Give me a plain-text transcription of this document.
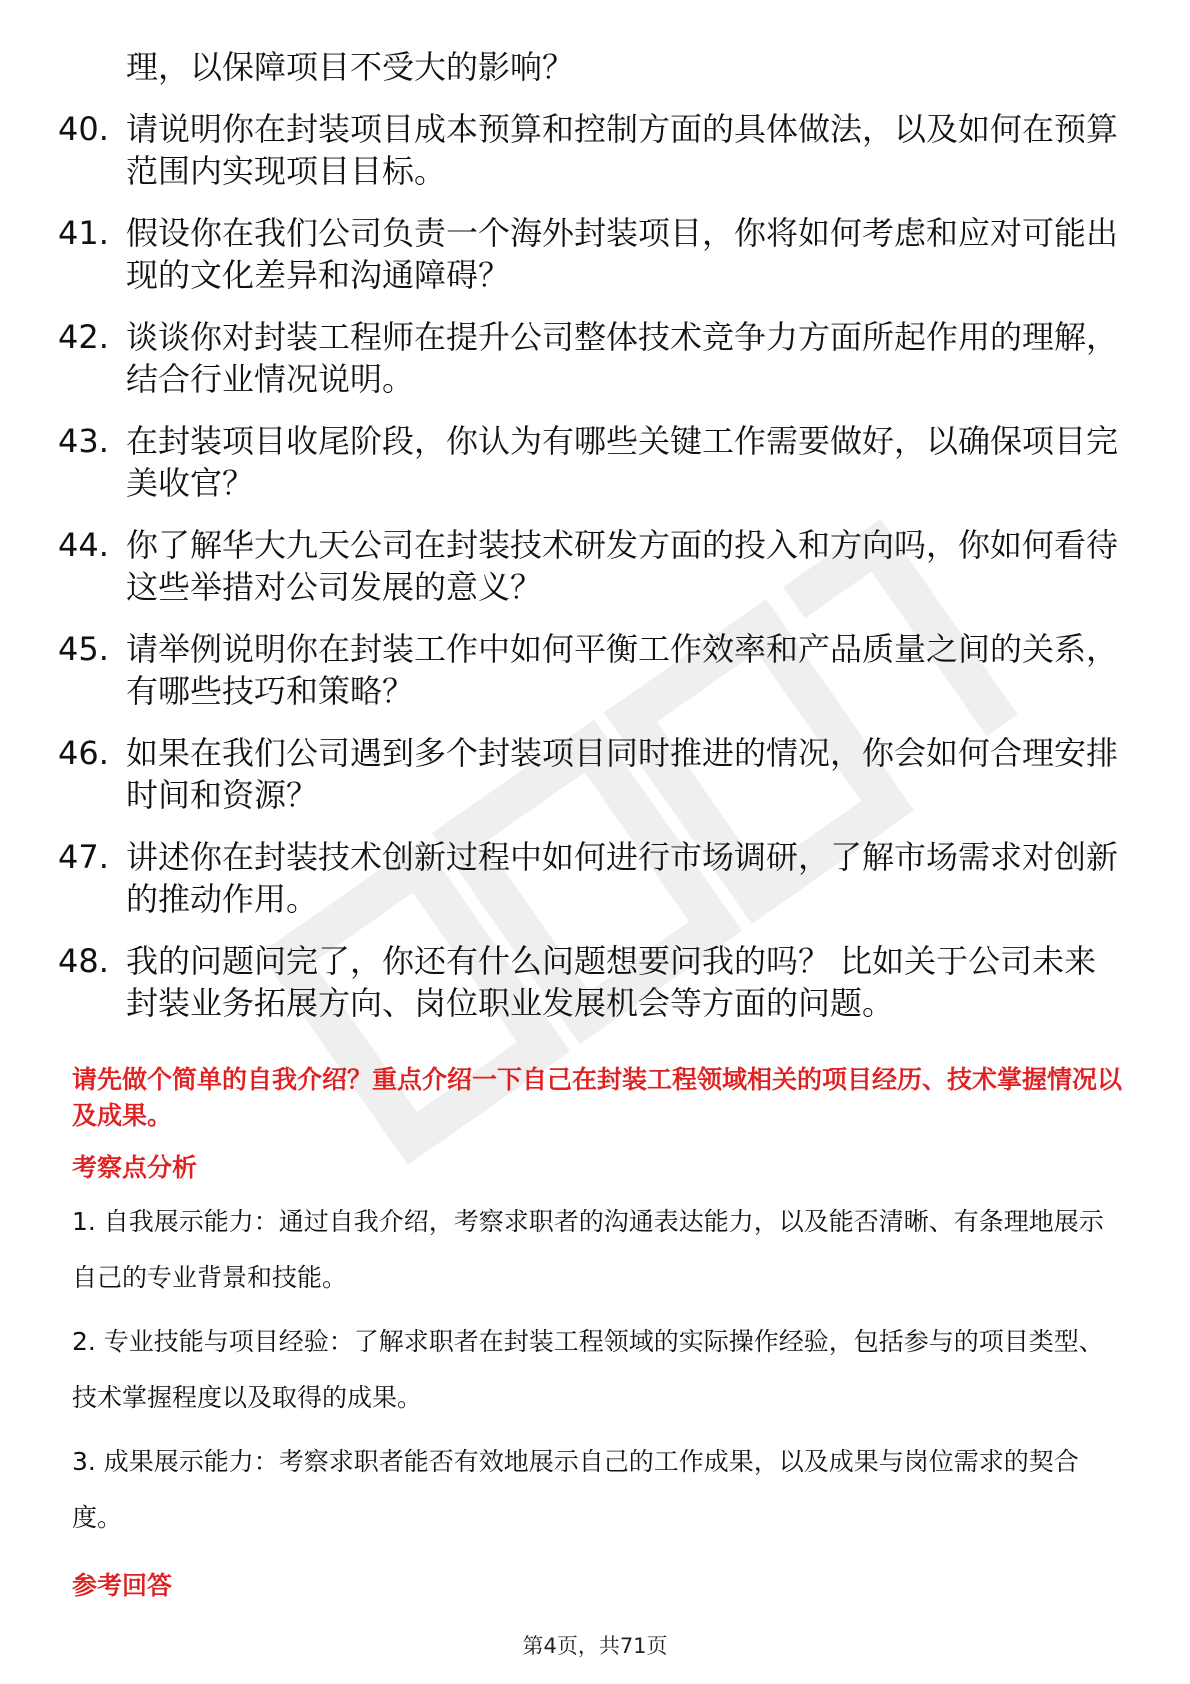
理，以保障项目不受大的影响？
40. 请说明你在封装项目成本预算和控制方面的具体做法，以及如何在预算范围内实现项目目标。
41. 假设你在我们公司负责一个海外封装项目，你将如何考虑和应对可能出现的文化差异和沟通障碍？
42. 谈谈你对封装工程师在提升公司整体技术竞争力方面所起作用的理解，结合行业情况说明。
43. 在封装项目收尾阶段，你认为有哪些关键工作需要做好，以确保项目完美收官？
44. 你了解华大九天公司在封装技术研发方面的投入和方向吗，你如何看待这些举措对公司发展的意义？
45. 请举例说明你在封装工作中如何平衡工作效率和产品质量之间的关系，有哪些技巧和策略？
46. 如果在我们公司遇到多个封装项目同时推进的情况，你会如何合理安排时间和资源？
47. 讲述你在封装技术创新过程中如何进行市场调研，了解市场需求对创新的推动作用。
48. 我的问题问完了，你还有什么问题想要问我的吗？ 比如关于公司未来封装业务拓展方向、岗位职业发展机会等方面的问题。
请先做个简单的自我介绍？重点介绍一下自己在封装工程领域相关的项目经历、技术掌握情况以及成果。
考察点分析
1. 自我展示能力：通过自我介绍，考察求职者的沟通表达能力，以及能否清晰、有条理地展示自己的专业背景和技能。
2. 专业技能与项目经验：了解求职者在封装工程领域的实际操作经验，包括参与的项目类型、技术掌握程度以及取得的成果。
3. 成果展示能力：考察求职者能否有效地展示自己的工作成果，以及成果与岗位需求的契合度。
参考回答
第4页，共71页
